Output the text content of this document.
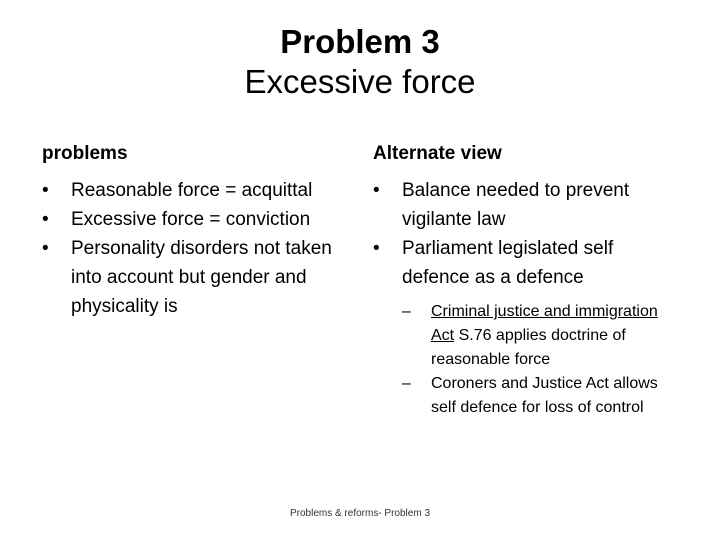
Problem 3
Excessive force
problems	Alternate view
•	Reasonable force = acquittal
•	Excessive force = conviction
•	Personality disorders not taken into account but gender and physicality is
•	Balance needed to prevent vigilante law
•	Parliament legislated self defence as a defence
–	Criminal justice and immigration Act S.76 applies doctrine of reasonable force
–	Coroners and Justice Act allows self defence for loss of control
Problems & reforms- Problem 3
